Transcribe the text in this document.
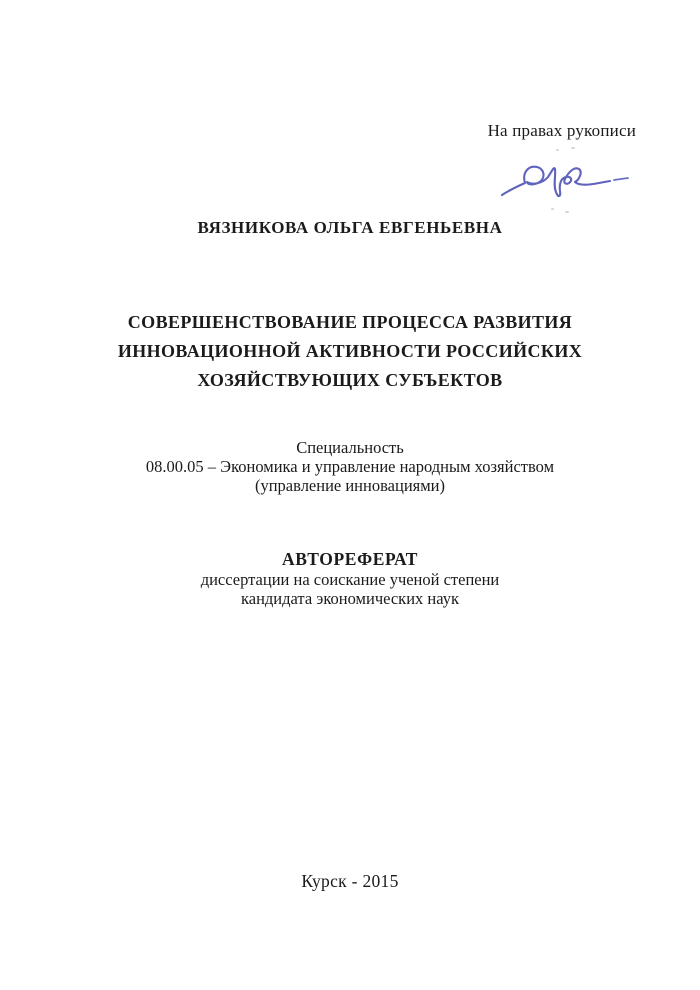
На правах рукописи
ВЯЗНИКОВА ОЛЬГА ЕВГЕНЬЕВНА
СОВЕРШЕНСТВОВАНИЕ ПРОЦЕССА РАЗВИТИЯ
ИННОВАЦИОННОЙ АКТИВНОСТИ РОССИЙСКИХ
ХОЗЯЙСТВУЮЩИХ СУБЪЕКТОВ
Специальность
08.00.05 – Экономика и управление народным хозяйством
(управление инновациями)
АВТОРЕФЕРАТ
диссертации на соискание ученой степени
кандидата экономических наук
Курск - 2015
